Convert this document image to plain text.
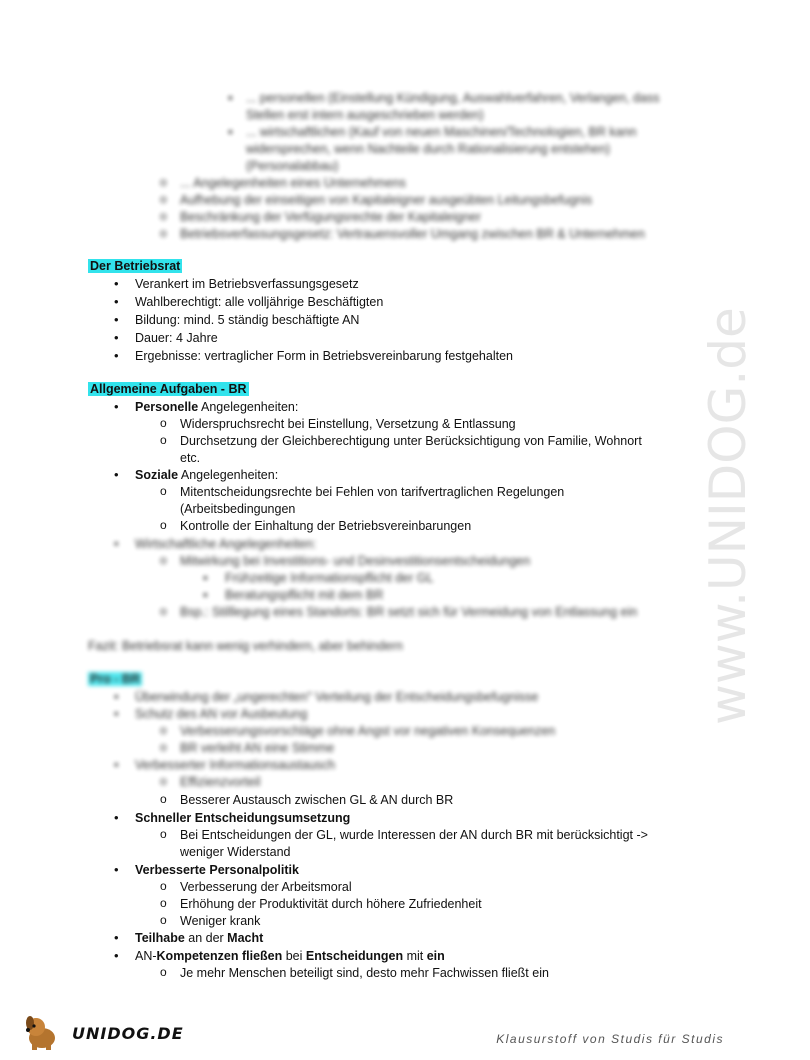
▪ ... personellen (Einstellung Kündigung, Auswahlverfahren, Verlangen, dass
Stellen erst intern ausgeschrieben werden)
▪ ... wirtschaftlichen (Kauf von neuen Maschinen/Technologien, BR kann
widersprechen, wenn Nachteile durch Rationalisierung entstehen)
(Personalabbau)
o ... Angelegenheiten eines Unternehmens
o Aufhebung der einseitigen von Kapitaleigner ausgeübten Leitungsbefugnis
o Beschränkung der Verfügungsrechte der Kapitaleigner
o Betriebsverfassungsgesetz: Vertrauensvoller Umgang zwischen BR & Unternehmen
Der Betriebsrat
• Verankert im Betriebsverfassungsgesetz
• Wahlberechtigt: alle volljährige Beschäftigten
• Bildung: mind. 5 ständig beschäftigte AN
• Dauer: 4 Jahre
• Ergebnisse: vertraglicher Form in Betriebsvereinbarung festgehalten
Allgemeine Aufgaben - BR
• Personelle Angelegenheiten:
o Widerspruchsrecht bei Einstellung, Versetzung & Entlassung
o Durchsetzung der Gleichberechtigung unter Berücksichtigung von Familie, Wohnort
etc.
• Soziale Angelegenheiten:
o Mitentscheidungsrechte bei Fehlen von tarifvertraglichen Regelungen
(Arbeitsbedingungen
o Kontrolle der Einhaltung der Betriebsvereinbarungen
• Wirtschaftliche Angelegenheiten:
o Mitwirkung bei Investitions- und Desinvestitionsentscheidungen
▪ Frühzeitige Informationspflicht der GL
▪ Beratungspflicht mit dem BR
o Bsp.: Stilllegung eines Standorts: BR setzt sich für Vermeidung von Entlassung ein
Fazit: Betriebsrat kann wenig verhindern, aber behindern
Pro - BR
• Überwindung der „ungerechten" Verteilung der Entscheidungsbefugnisse
• Schutz des AN vor Ausbeutung
o Verbesserungsvorschläge ohne Angst vor negativen Konsequenzen
o BR verleiht AN eine Stimme
• Verbesserter Informationsaustausch
o Effizienzvorteil
o Besserer Austausch zwischen GL & AN durch BR
• Schneller Entscheidungsumsetzung
o Bei Entscheidungen der GL, wurde Interessen der AN durch BR mit berücksichtigt ->
weniger Widerstand
• Verbesserte Personalpolitik
o Verbesserung der Arbeitsmoral
o Erhöhung der Produktivität durch höhere Zufriedenheit
o Weniger krank
• Teilhabe an der Macht
• AN-Kompetenzen fließen bei Entscheidungen mit ein
o Je mehr Menschen beteiligt sind, desto mehr Fachwissen fließt ein
www.UNIDOG.de
UNIDOG.DE	Klausurstoff von Studis für Studis
